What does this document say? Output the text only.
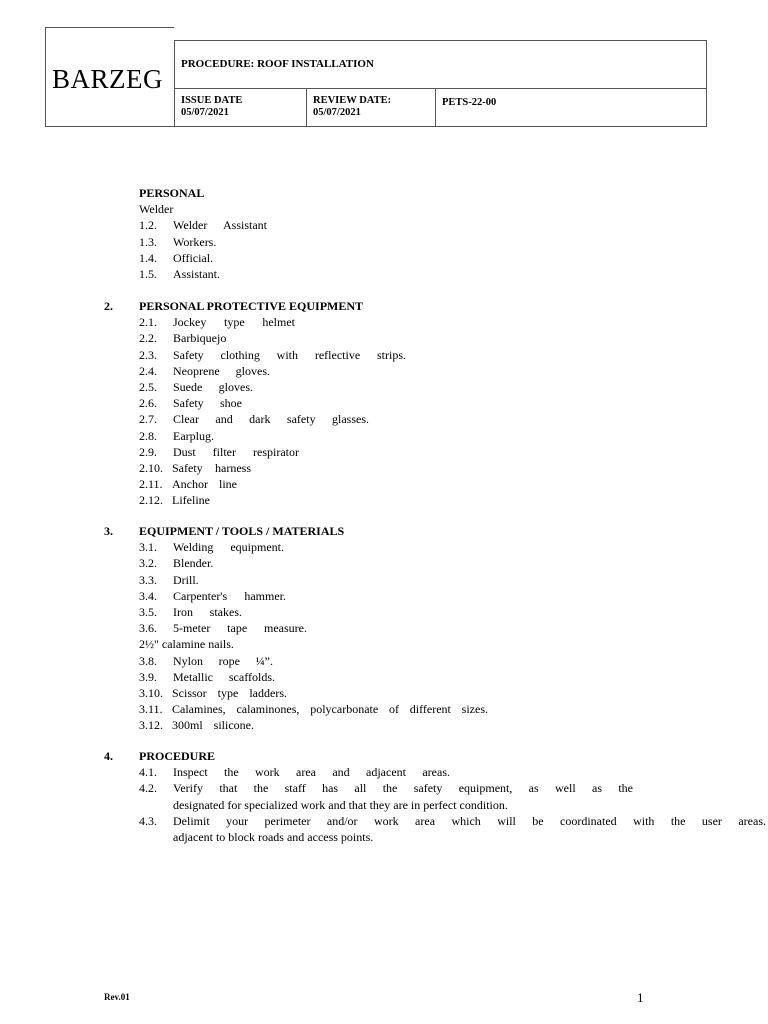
BARZEG PROCEDURE: ROOF INSTALLATION
ISSUE DATE
05/07/2021
REVIEW DATE:
05/07/2021
PETS-22-00
PERSONAL
Welder
1.2. Welder Assistant
1.3. Workers.
1.4. Official.
1.5. Assistant.
2. PERSONAL PROTECTIVE EQUIPMENT
2.1. Jockey type helmet
2.2. Barbiquejo
2.3. Safety clothing with reflective strips.
2.4. Neoprene gloves.
2.5. Suede gloves.
2.6. Safety shoe
2.7. Clear and dark safety glasses.
2.8. Earplug.
2.9. Dust filter respirator
2.10. Safety harness
2.11. Anchor line
2.12. Lifeline
3. EQUIPMENT / TOOLS / MATERIALS
3.1. Welding equipment.
3.2. Blender.
3.3. Drill.
3.4. Carpenter's hammer.
3.5. Iron stakes.
3.6. 5-meter tape measure.
2½" calamine nails.
3.8. Nylon rope ¼”.
3.9. Metallic scaffolds.
3.10. Scissor type ladders.
3.11. Calamines, calaminones, polycarbonate of different sizes.
3.12. 300ml silicone.
4. PROCEDURE
4.1. Inspect the work area and adjacent areas.
4.2. Verify that the staff has all the safety equipment, as well as the
designated for specialized work and that they are in perfect condition.
4.3. Delimit your perimeter and/or work area which will be coordinated with the user areas.
adjacent to block roads and access points.
Rev.01	1
